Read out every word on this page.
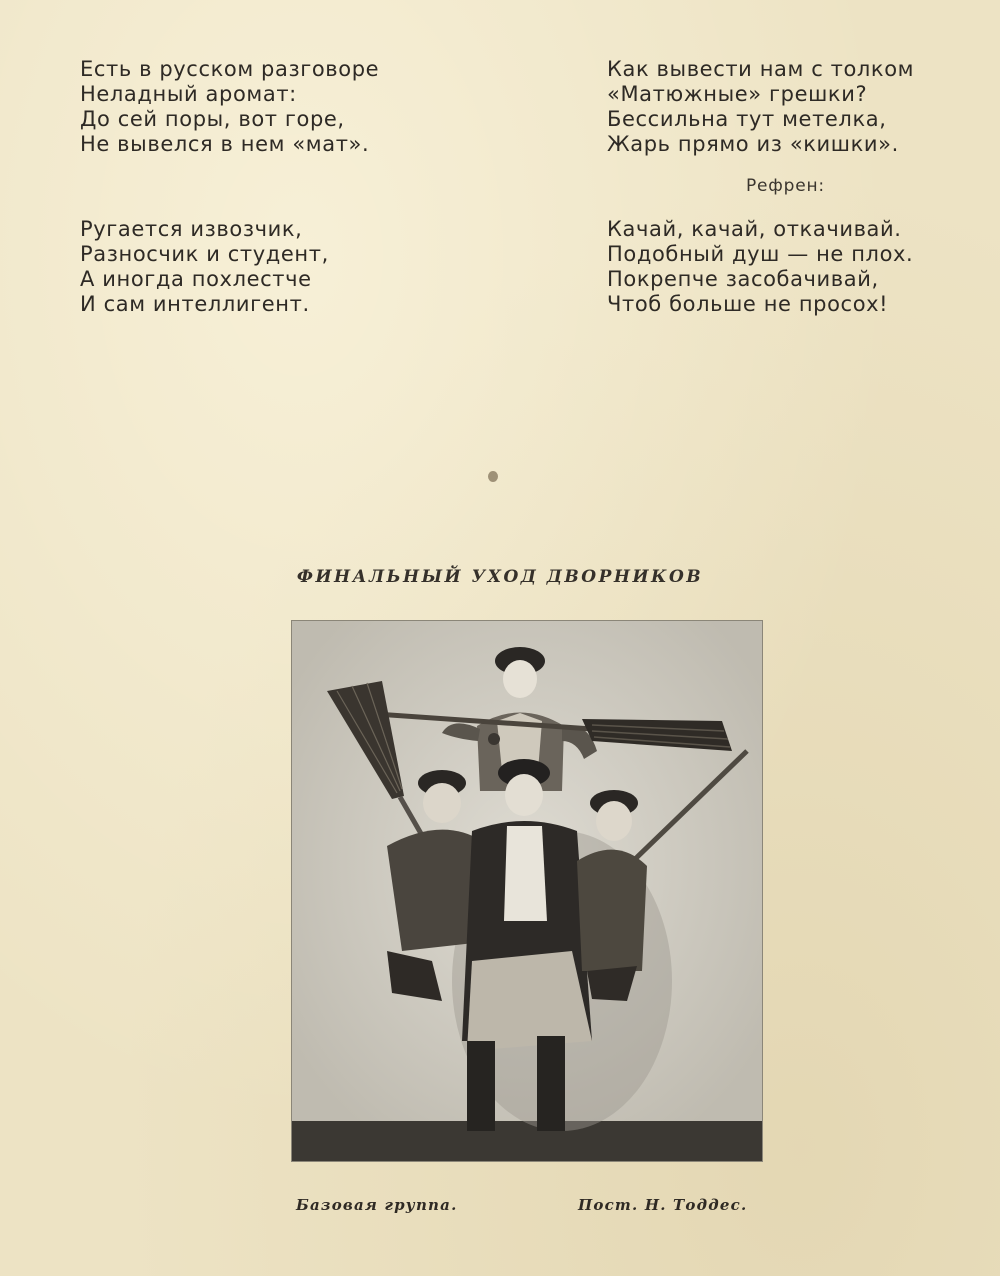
Есть в русском разговоре
Неладный аромат:
До сей поры, вот горе,
Не вывелся в нем «мат».
Ругается извозчик,
Разносчик и студент,
А иногда похлестче
И сам интеллигент.
Как вывести нам с толком
«Матюжные» грешки?
Бессильна тут метелка,
Жарь прямо из «кишки».
Рефрен:
Качай, качай, откачивай.
Подобный душ — не плох.
Покрепче засобачивай,
Чтоб больше не просох!
ФИНАЛЬНЫЙ УХОД ДВОРНИКОВ
Базовая группа.	Пост. Н. Тоддес.
